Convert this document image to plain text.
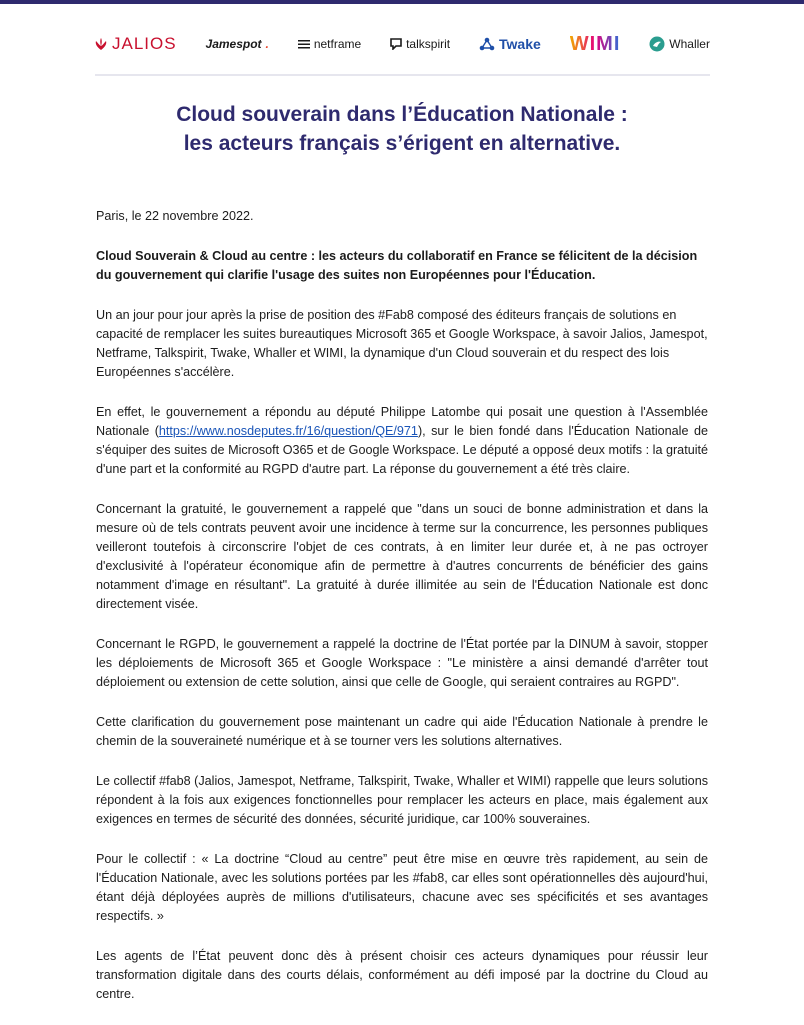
JALIOS Jamespot .	netframe	talkspirit	Twake WIMI	Whaller
Cloud souverain dans l’Éducation Nationale :
les acteurs français s’érigent en alternative.

Paris, le 22 novembre 2022.

Cloud Souverain & Cloud au centre : les acteurs du collaboratif en France se félicitent de la décision du gouvernement qui clarifie l'usage des suites non Européennes pour l'Éducation.

Un an jour pour jour après la prise de position des #Fab8 composé des éditeurs français de solutions en capacité de remplacer les suites bureautiques Microsoft 365 et Google Workspace, à savoir Jalios, Jamespot, Netframe, Talkspirit, Twake, Whaller et WIMI, la dynamique d'un Cloud souverain et du respect des lois Européennes s'accélère.

En effet, le gouvernement a répondu au député Philippe Latombe qui posait une question à l'Assemblée Nationale (https://www.nosdeputes.fr/16/question/QE/971), sur le bien fondé dans l'Éducation Nationale de s'équiper des suites de Microsoft O365 et de Google Workspace. Le député a opposé deux motifs : la gratuité d'une part et la conformité au RGPD d'autre part. La réponse du gouvernement a été très claire.

Concernant la gratuité, le gouvernement a rappelé que "dans un souci de bonne administration et dans la mesure où de tels contrats peuvent avoir une incidence à terme sur la concurrence, les personnes publiques veilleront toutefois à circonscrire l'objet de ces contrats, à en limiter leur durée et, à ne pas octroyer d'exclusivité à l'opérateur économique afin de permettre à d'autres concurrents de bénéficier des gains notamment d'image en résultant". La gratuité à durée illimitée au sein de l'Éducation Nationale est donc directement visée.

Concernant le RGPD, le gouvernement a rappelé la doctrine de l'État portée par la DINUM à savoir, stopper les déploiements de Microsoft 365 et Google Workspace : "Le ministère a ainsi demandé d'arrêter tout déploiement ou extension de cette solution, ainsi que celle de Google, qui seraient contraires au RGPD".

Cette clarification du gouvernement pose maintenant un cadre qui aide l'Éducation Nationale à prendre le chemin de la souveraineté numérique et à se tourner vers les solutions alternatives.

Le collectif #fab8 (Jalios, Jamespot, Netframe, Talkspirit, Twake, Whaller et WIMI) rappelle que leurs solutions répondent à la fois aux exigences fonctionnelles pour remplacer les acteurs en place, mais également aux exigences en termes de sécurité des données, sécurité juridique, car 100% souveraines.

Pour le collectif : « La doctrine “Cloud au centre” peut être mise en œuvre très rapidement, au sein de l'Éducation Nationale, avec les solutions portées par les #fab8, car elles sont opérationnelles dès aujourd'hui, étant déjà déployées auprès de millions d'utilisateurs, chacune avec ses spécificités et ses avantages respectifs. »

Les agents de l’État peuvent donc dès à présent choisir ces acteurs dynamiques pour réussir leur transformation digitale dans des courts délais, conformément au défi imposé par la doctrine du Cloud au centre.
